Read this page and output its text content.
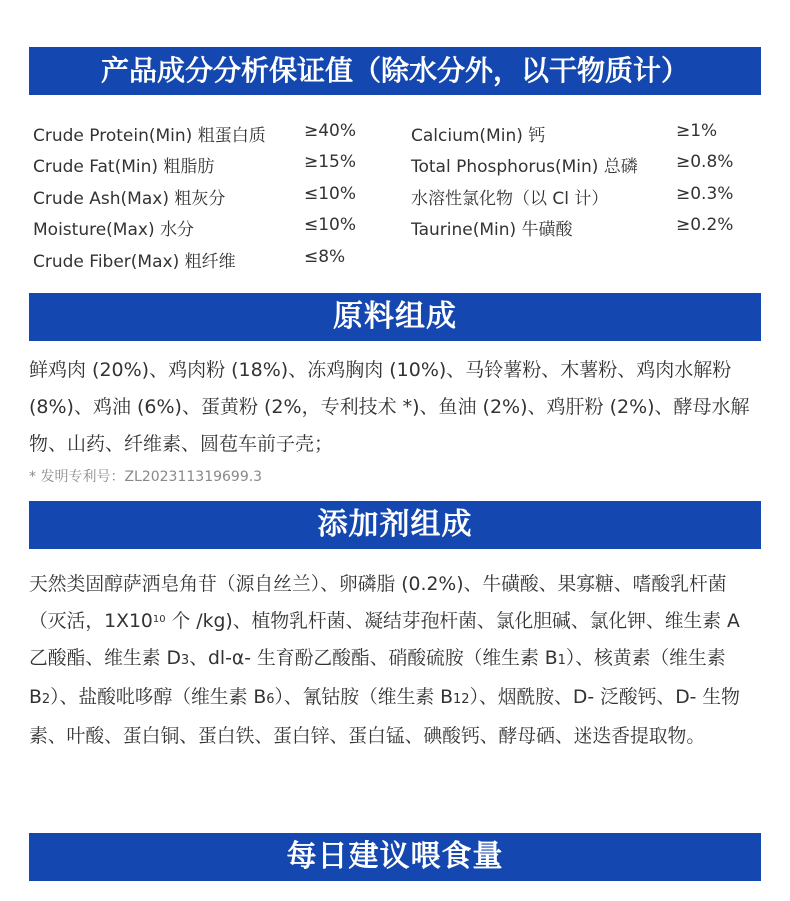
产品成分分析保证值（除水分外，以干物质计）
Crude Protein(Min) 粗蛋白质 ≥40%
Crude Fat(Min) 粗脂肪	≥15%
Crude Ash(Max) 粗灰分	≤10%
Moisture(Max) 水分	≤10%
Crude Fiber(Max) 粗纤维	≤8%
Calcium(Min) 钙	≥1%
Total Phosphorus(Min) 总磷 ≥0.8%
水溶性氯化物（以 Cl 计）	≥0.3%
Taurine(Min) 牛磺酸	≥0.2%
原料组成

鲜鸡肉 (20%)、鸡肉粉 (18%)、冻鸡胸肉 (10%)、马铃薯粉、木薯粉、鸡肉水解粉 (8%)、鸡油 (6%)、蛋黄粉 (2%，专利技术 *)、鱼油 (2%)、鸡肝粉 (2%)、酵母水解物、山药、纤维素、圆苞车前子壳；

* 发明专利号：ZL202311319699.3
添加剂组成

天然类固醇萨洒皂角苷（源自丝兰）、卵磷脂 (0.2%)、牛磺酸、果寡糖、嗜酸乳杆菌（灭活，$1X10^{10}$ 个 /kg)、植物乳杆菌、凝结芽孢杆菌、氯化胆碱、氯化钾、维生素 A 乙酸酯、维生素 D3、dl-α- 生育酚乙酸酯、硝酸硫胺（维生素 B1）、核黄素（维生素 B2）、盐酸吡哆醇（维生素 B6）、氰钴胺（维生素 B12）、烟酰胺、D- 泛酸钙、D- 生物素、叶酸、蛋白铜、蛋白铁、蛋白锌、蛋白锰、碘酸钙、酵母硒、迷迭香提取物。

每日建议喂食量
